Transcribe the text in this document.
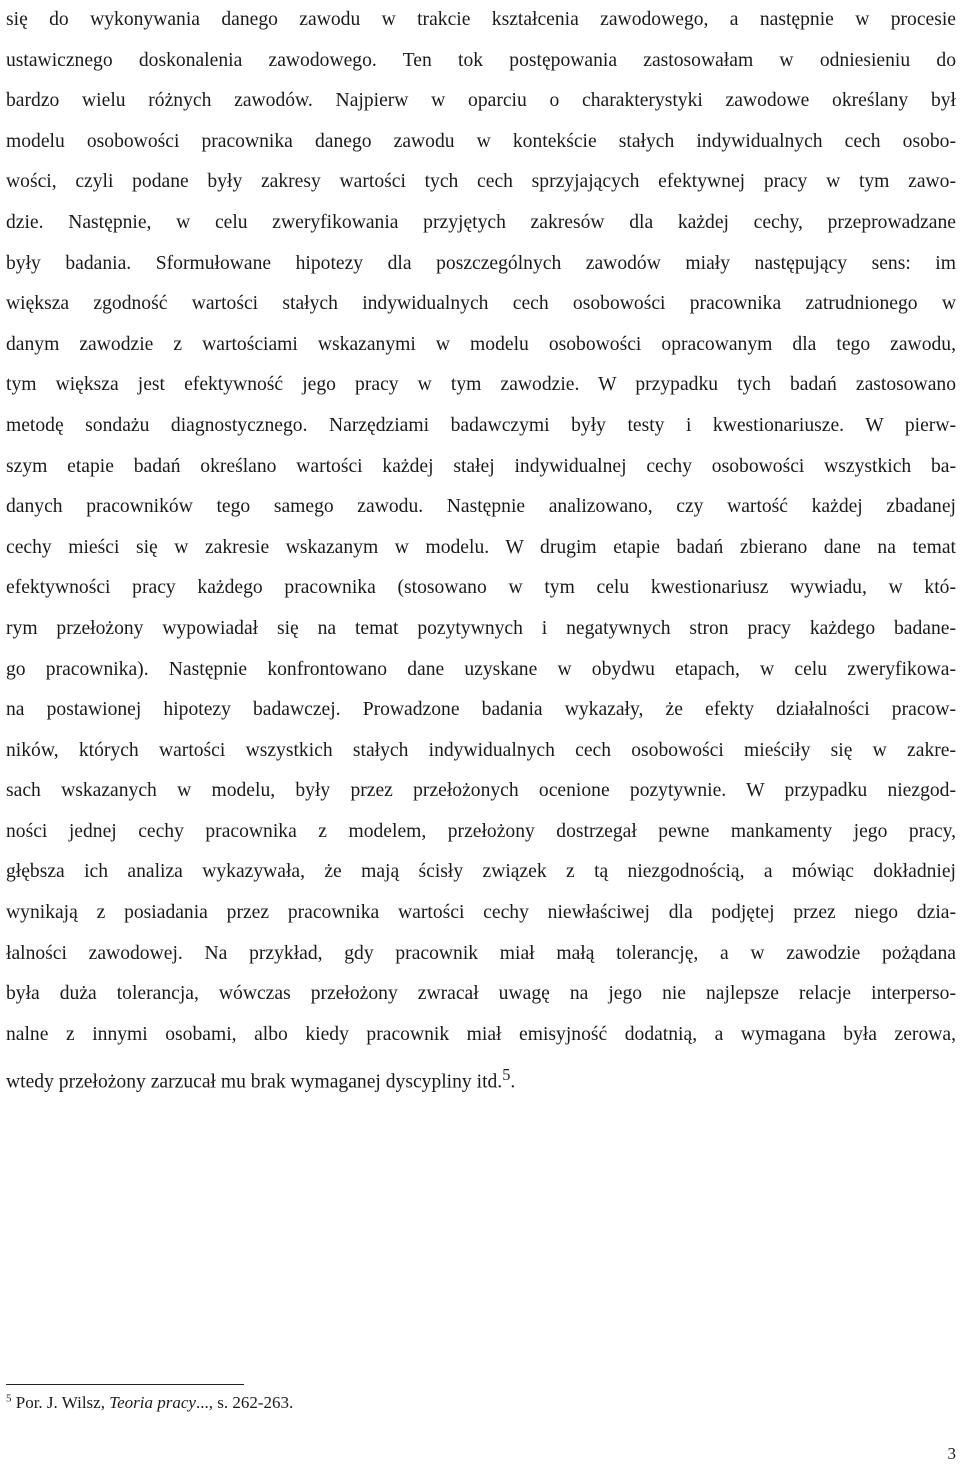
się do wykonywania danego zawodu w trakcie kształcenia zawodowego, a następnie w procesie
ustawicznego doskonalenia zawodowego. Ten tok postępowania zastosowałam w odniesieniu do
bardzo wielu różnych zawodów. Najpierw w oparciu o charakterystyki zawodowe określany był
modelu osobowości pracownika danego zawodu w kontekście stałych indywidualnych cech osobo-
wości, czyli podane były zakresy wartości tych cech sprzyjających efektywnej pracy w tym zawo-
dzie. Następnie, w celu zweryfikowania przyjętych zakresów dla każdej cechy, przeprowadzane
były badania. Sformułowane hipotezy dla poszczególnych zawodów miały następujący sens: im
większa zgodność wartości stałych indywidualnych cech osobowości pracownika zatrudnionego w
danym zawodzie z wartościami wskazanymi w modelu osobowości opracowanym dla tego zawodu,
tym większa jest efektywność jego pracy w tym zawodzie. W przypadku tych badań zastosowano
metodę sondażu diagnostycznego. Narzędziami badawczymi były testy i kwestionariusze. W pierw-
szym etapie badań określano wartości każdej stałej indywidualnej cechy osobowości wszystkich ba-
danych pracowników tego samego zawodu. Następnie analizowano, czy wartość każdej zbadanej
cechy mieści się w zakresie wskazanym w modelu. W drugim etapie badań zbierano dane na temat
efektywności pracy każdego pracownika (stosowano w tym celu kwestionariusz wywiadu, w któ-
rym przełożony wypowiadał się na temat pozytywnych i negatywnych stron pracy każdego badane-
go pracownika). Następnie konfrontowano dane uzyskane w obydwu etapach, w celu zweryfikowa-
na postawionej hipotezy badawczej. Prowadzone badania wykazały, że efekty działalności pracow-
ników, których wartości wszystkich stałych indywidualnych cech osobowości mieściły się w zakre-
sach wskazanych w modelu, były przez przełożonych ocenione pozytywnie. W przypadku niezgod-
ności jednej cechy pracownika z modelem, przełożony dostrzegał pewne mankamenty jego pracy,
głębsza ich analiza wykazywała, że mają ścisły związek z tą niezgodnością, a mówiąc dokładniej
wynikają z posiadania przez pracownika wartości cechy niewłaściwej dla podjętej przez niego dzia-
łalności zawodowej. Na przykład, gdy pracownik miał małą tolerancję, a w zawodzie pożądana
była duża tolerancja, wówczas przełożony zwracał uwagę na jego nie najlepsze relacje interperso-
nalne z innymi osobami, albo kiedy pracownik miał emisyjność dodatnią, a wymagana była zerowa,
wtedy przełożony zarzucał mu brak wymaganej dyscypliny itd.$^5$.

$^5$ Por. J. Wilsz, Teoria pracy..., s. 262-263.

3
